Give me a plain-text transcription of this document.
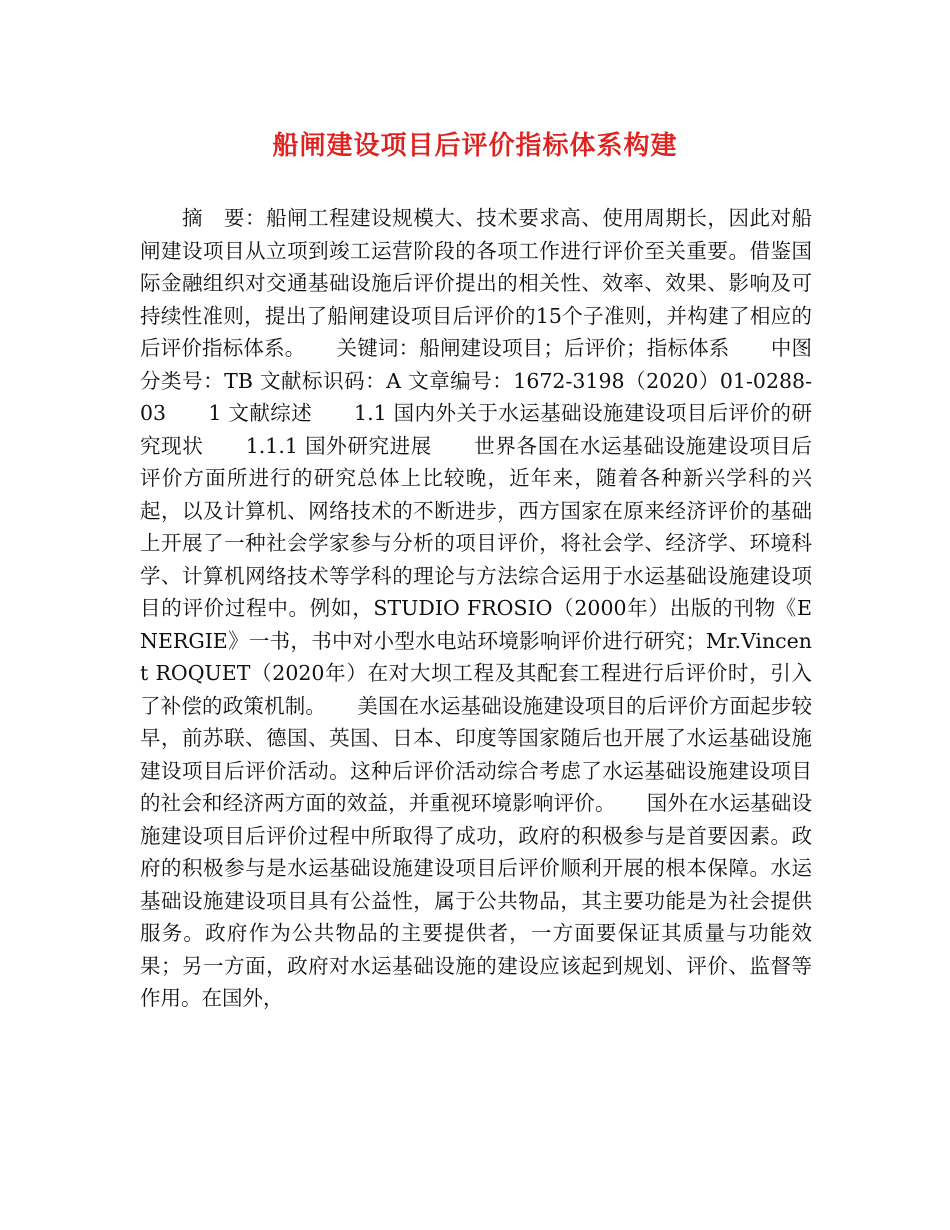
船闸建设项目后评价指标体系构建

摘　要：船闸工程建设规模大、技术要求高、使用周期长，因此对船闸建设项目从立项到竣工运营阶段的各项工作进行评价至关重要。借鉴国际金融组织对交通基础设施后评价提出的相关性、效率、效果、影响及可持续性准则，提出了船闸建设项目后评价的15个子准则，并构建了相应的后评价指标体系。　　关键词：船闸建设项目；后评价；指标体系　　中图分类号：TB 文献标识码：A 文章编号：1672-3198（2020）01-0288-03　　1 文献综述　　1.1 国内外关于水运基础设施建设项目后评价的研究现状　　1.1.1 国外研究进展　　世界各国在水运基础设施建设项目后评价方面所进行的研究总体上比较晚，近年来，随着各种新兴学科的兴起，以及计算机、网络技术的不断进步，西方国家在原来经济评价的基础上开展了一种社会学家参与分析的项目评价，将社会学、经济学、环境科学、计算机网络技术等学科的理论与方法综合运用于水运基础设施建设项目的评价过程中。例如，STUDIO FROSIO（2000年）出版的刊物《ENERGIE》一书，书中对小型水电站环境影响评价进行研究；Mr.Vincent ROQUET（2020年）在对大坝工程及其配套工程进行后评价时，引入了补偿的政策机制。　　美国在水运基础设施建设项目的后评价方面起步较早，前苏联、德国、英国、日本、印度等国家随后也开展了水运基础设施建设项目后评价活动。这种后评价活动综合考虑了水运基础设施建设项目的社会和经济两方面的效益，并重视环境影响评价。　　国外在水运基础设施建设项目后评价过程中所取得了成功，政府的积极参与是首要因素。政府的积极参与是水运基础设施建设项目后评价顺利开展的根本保障。水运基础设施建设项目具有公益性，属于公共物品，其主要功能是为社会提供服务。政府作为公共物品的主要提供者，一方面要保证其质量与功能效果；另一方面，政府对水运基础设施的建设应该起到规划、评价、监督等作用。在国外，
